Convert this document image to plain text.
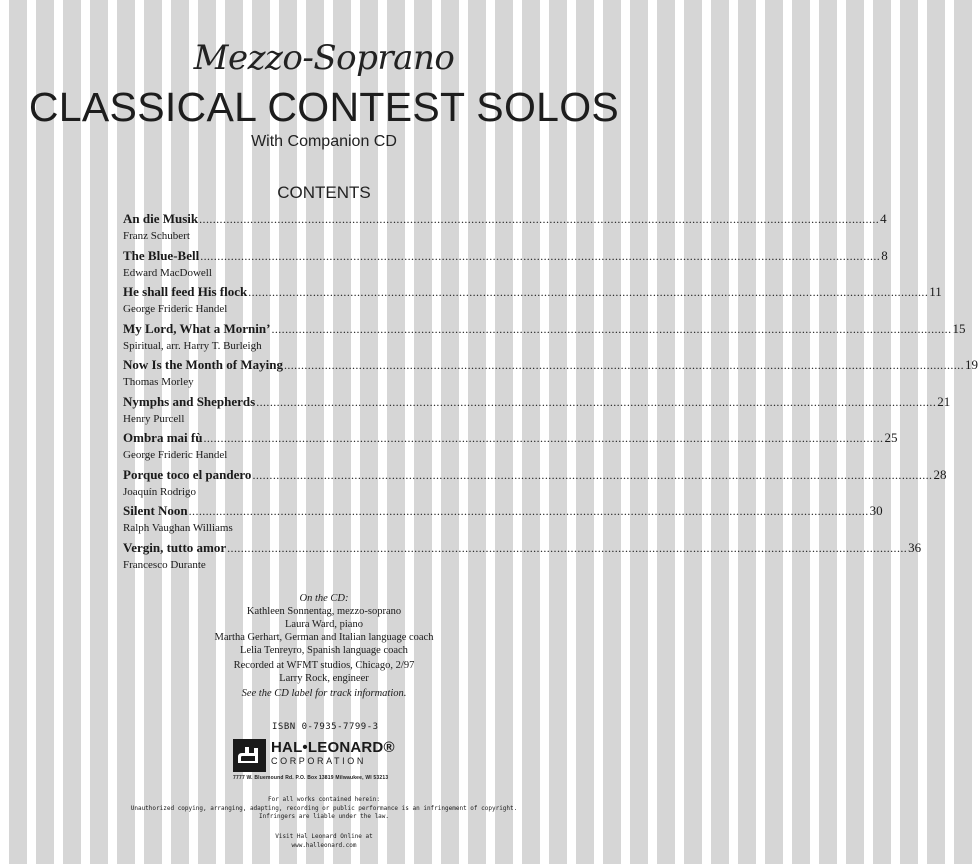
Mezzo-Soprano
CLASSICAL CONTEST SOLOS
With Companion CD
CONTENTS
An die Musik ........................................................................................................................................................................................................ 4
Franz Schubert
The Blue-Bell ........................................................................................................................................................................................................ 8
Edward MacDowell
He shall feed His flock ........................................................................................................................................................................................................ 11
George Frideric Handel
My Lord, What a Mornin’ ........................................................................................................................................................................................................ 15
Spiritual, arr. Harry T. Burleigh
Now Is the Month of Maying ........................................................................................................................................................................................................ 19
Thomas Morley
Nymphs and Shepherds ........................................................................................................................................................................................................ 21
Henry Purcell
Ombra mai fù ........................................................................................................................................................................................................ 25
George Frideric Handel
Porque toco el pandero ........................................................................................................................................................................................................ 28
Joaquín Rodrigo
Silent Noon ........................................................................................................................................................................................................ 30
Ralph Vaughan Williams
Vergin, tutto amor ........................................................................................................................................................................................................ 36
Francesco Durante
On the CD:
Kathleen Sonnentag, mezzo-soprano
Laura Ward, piano
Martha Gerhart, German and Italian language coach
Lelia Tenreyro, Spanish language coach
Recorded at WFMT studios, Chicago, 2/97
Larry Rock, engineer
See the CD label for track information.
ISBN 0-7935-7799-3
HAL•LEONARD®
CORPORATION
7777 W. Bluemound Rd. P.O. Box 13819 Milwaukee, WI 53213
For all works contained herein:
Unauthorized copying, arranging, adapting, recording or public performance is an infringement of copyright.
Infringers are liable under the law.
Visit Hal Leonard Online at
www.halleonard.com
